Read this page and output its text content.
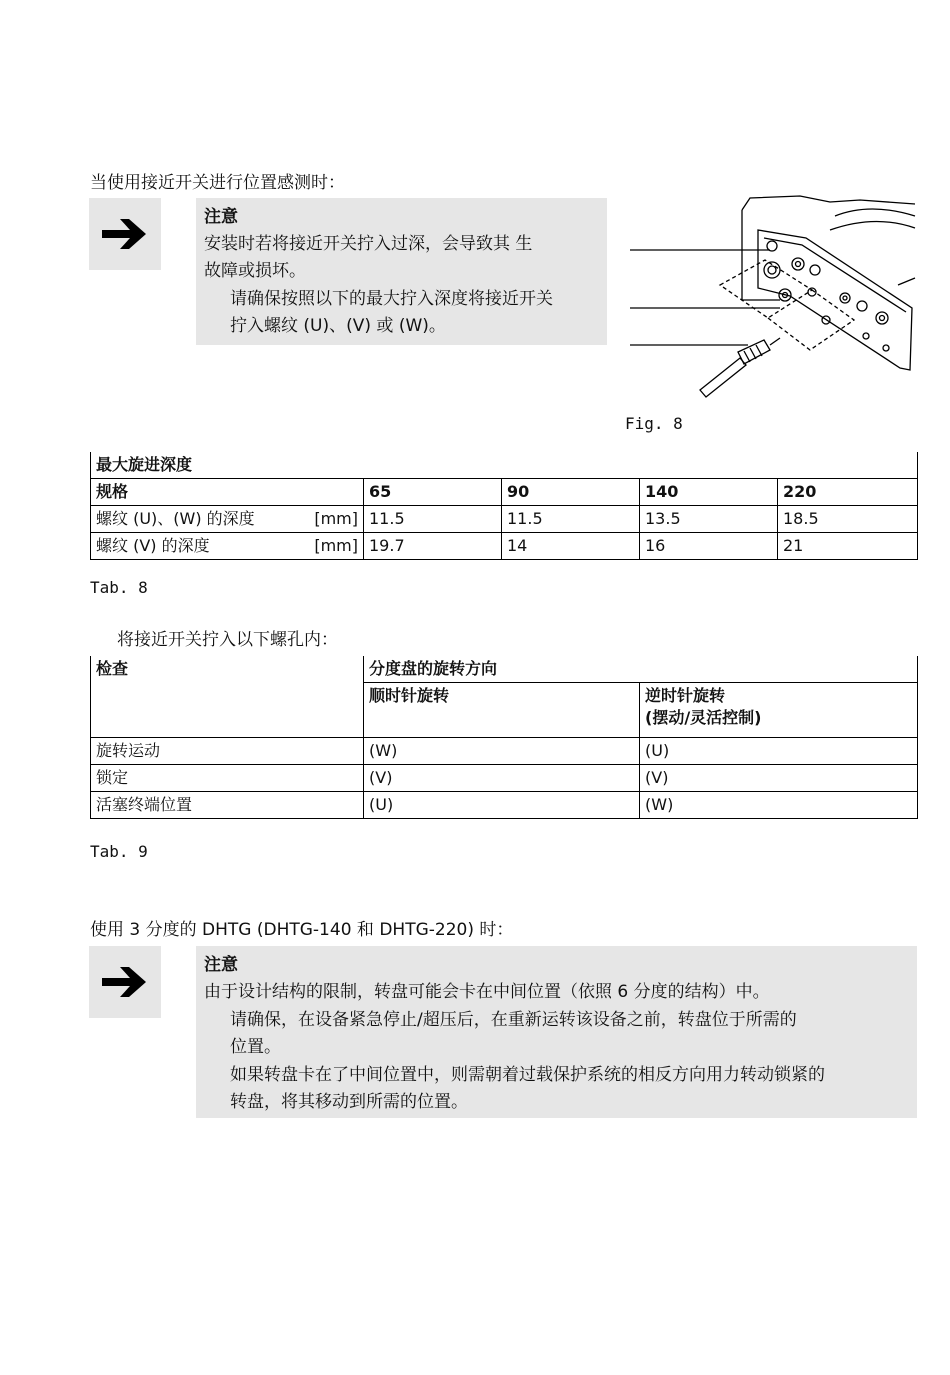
当使用接近开关进行位置感测时：
注意
安装时若将接近开关拧入过深，会导致其 生
故障或损坏。
请确保按照以下的最大拧入深度将接近开关
拧入螺纹 (U)、(V) 或 (W)。
Fig. 8
最大旋进深度				
规格	65	90	140	220
螺纹 (U)、(W) 的深度 [mm]	11.5	11.5	13.5	18.5
螺纹 (V) 的深度 [mm]	19.7	14	16	21
Tab. 8
将接近开关拧入以下螺孔内：
检查	分度盘的旋转方向	
	顺时针旋转	逆时针旋转
(摆动/灵活控制)

旋转运动	(W)	(U)
锁定	(V)	(V)
活塞终端位置	(U)	(W)
Tab. 9
使用 3 分度的 DHTG (DHTG-140 和 DHTG-220) 时：
注意
由于设计结构的限制，转盘可能会卡在中间位置（依照 6 分度的结构）中。
请确保，在设备紧急停止/超压后，在重新运转该设备之前，转盘位于所需的
位置。
如果转盘卡在了中间位置中，则需朝着过载保护系统的相反方向用力转动锁紧的
转盘，将其移动到所需的位置。
